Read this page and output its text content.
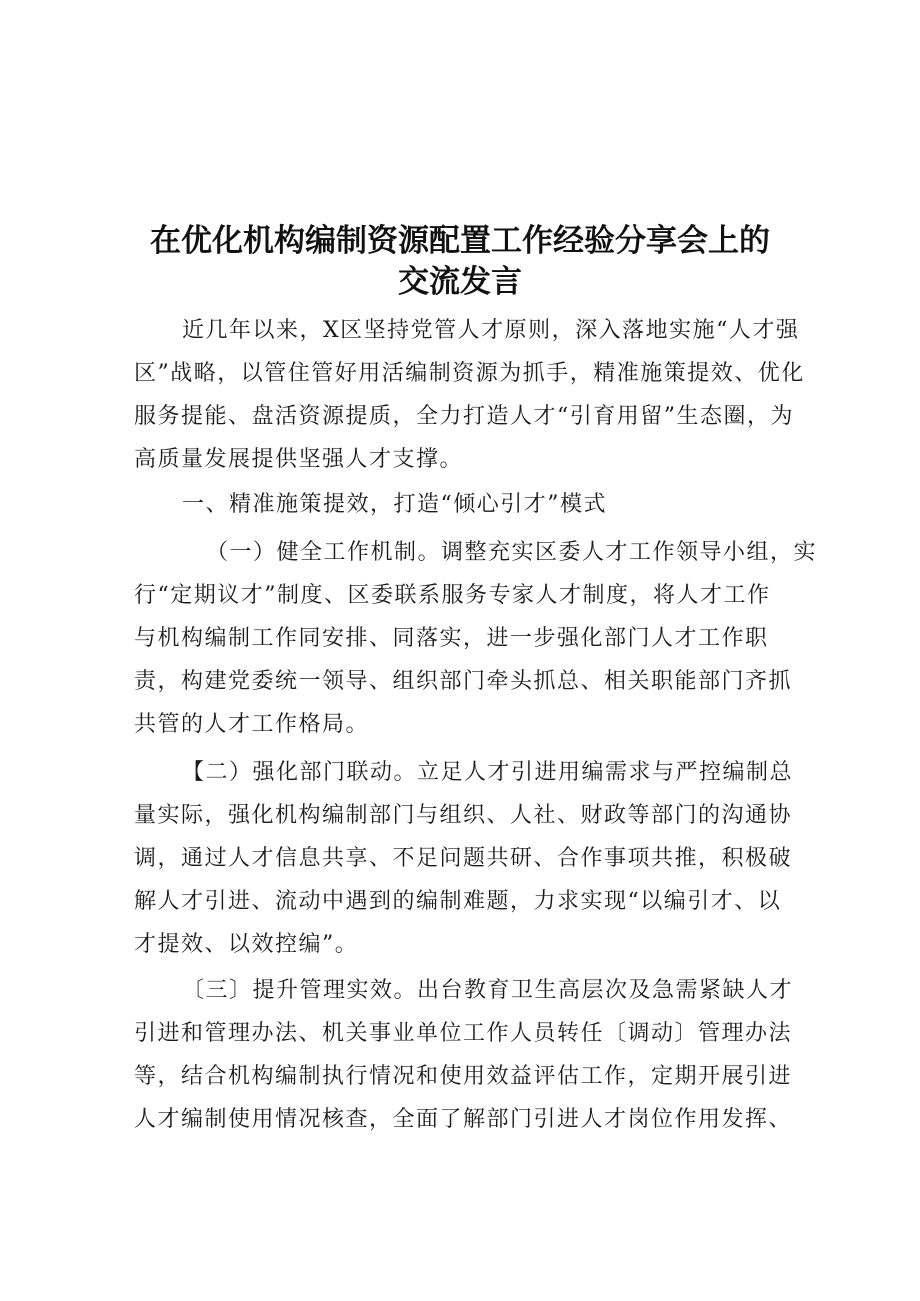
在优化机构编制资源配置工作经验分享会上的
交流发言
近几年以来，X区坚持党管人才原则，深入落地实施“人才强
区”战略，以管住管好用活编制资源为抓手，精准施策提效、优化
服务提能、盘活资源提质，全力打造人才“引育用留”生态圈，为
高质量发展提供坚强人才支撑。
一、精准施策提效，打造“倾心引才”模式
（一）健全工作机制。调整充实区委人才工作领导小组，实
行“定期议才”制度、区委联系服务专家人才制度，将人才工作
与机构编制工作同安排、同落实，进一步强化部门人才工作职
责，构建党委统一领导、组织部门牵头抓总、相关职能部门齐抓
共管的人才工作格局。
【二）强化部门联动。立足人才引进用编需求与严控编制总
量实际，强化机构编制部门与组织、人社、财政等部门的沟通协
调，通过人才信息共享、不足问题共研、合作事项共推，积极破
解人才引进、流动中遇到的编制难题，力求实现“以编引才、以
才提效、以效控编”。
〔三〕提升管理实效。出台教育卫生高层次及急需紧缺人才
引进和管理办法、机关事业单位工作人员转任〔调动〕管理办法
等，结合机构编制执行情况和使用效益评估工作，定期开展引进
人才编制使用情况核查，全面了解部门引进人才岗位作用发挥、
